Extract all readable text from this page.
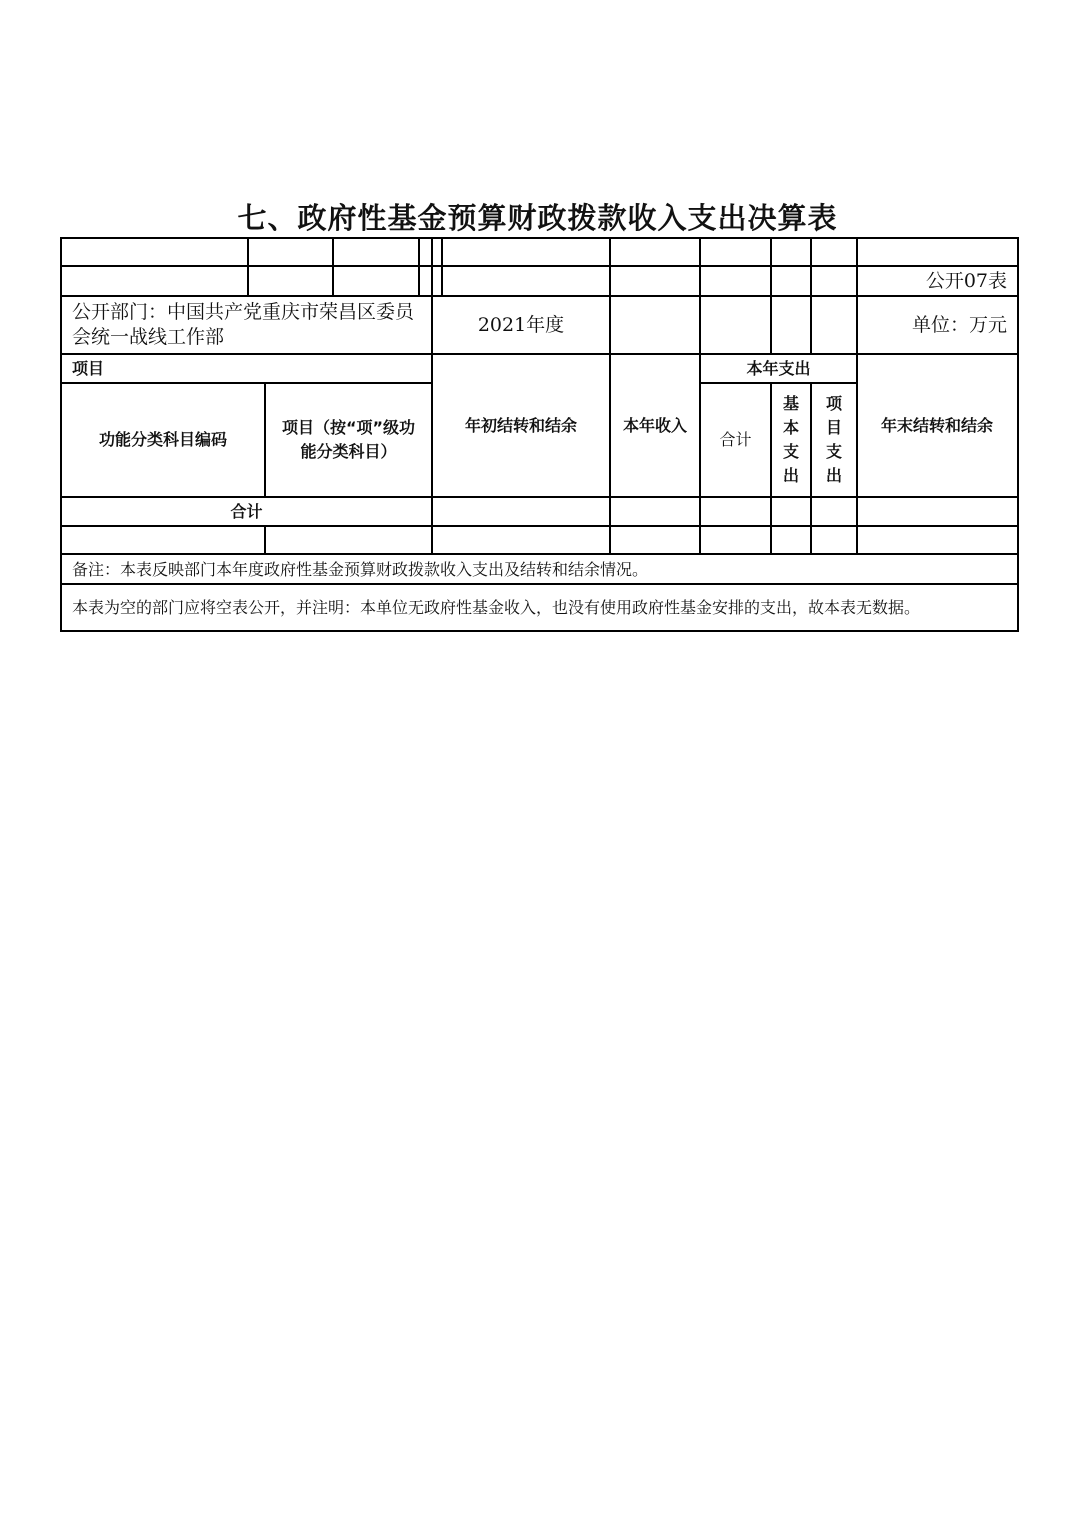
七、政府性基金预算财政拨款收入支出决算表
公开07表
公开部门：中国共产党重庆市荣昌区委员会统一战线工作部
2021年度	单位：万元
项目
功能分类科目编码
项目（按“项”级功能分类科目）
年初结转和结余	本年收入
本年支出
合计
基本支出
项目支出
年末结转和结余
合计
备注：本表反映部门本年度政府性基金预算财政拨款收入支出及结转和结余情况。
本表为空的部门应将空表公开，并注明：本单位无政府性基金收入，也没有使用政府性基金安排的支出，故本表无数据。
